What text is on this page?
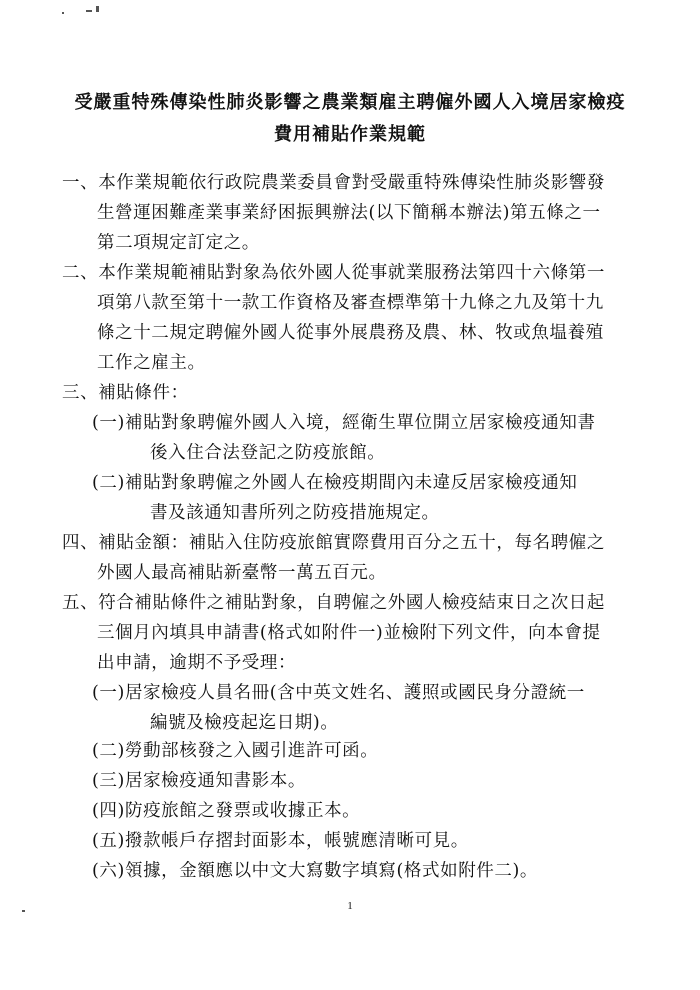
受嚴重特殊傳染性肺炎影響之農業類雇主聘僱外國人入境居家檢疫
費用補貼作業規範
一、本作業規範依行政院農業委員會對受嚴重特殊傳染性肺炎影響發
生營運困難產業事業紓困振興辦法(以下簡稱本辦法)第五條之一
第二項規定訂定之。
二、本作業規範補貼對象為依外國人從事就業服務法第四十六條第一
項第八款至第十一款工作資格及審查標準第十九條之九及第十九
條之十二規定聘僱外國人從事外展農務及農、林、牧或魚塭養殖
工作之雇主。
三、補貼條件：
(一)補貼對象聘僱外國人入境，經衛生單位開立居家檢疫通知書
後入住合法登記之防疫旅館。
(二)補貼對象聘僱之外國人在檢疫期間內未違反居家檢疫通知
書及該通知書所列之防疫措施規定。
四、補貼金額：補貼入住防疫旅館實際費用百分之五十，每名聘僱之
外國人最高補貼新臺幣一萬五百元。
五、符合補貼條件之補貼對象，自聘僱之外國人檢疫結束日之次日起
三個月內填具申請書(格式如附件一)並檢附下列文件，向本會提
出申請，逾期不予受理：
(一)居家檢疫人員名冊(含中英文姓名、護照或國民身分證統一
編號及檢疫起迄日期)。
(二)勞動部核發之入國引進許可函。
(三)居家檢疫通知書影本。
(四)防疫旅館之發票或收據正本。
(五)撥款帳戶存摺封面影本，帳號應清晰可見。
(六)領據，金額應以中文大寫數字填寫(格式如附件二)。
1
